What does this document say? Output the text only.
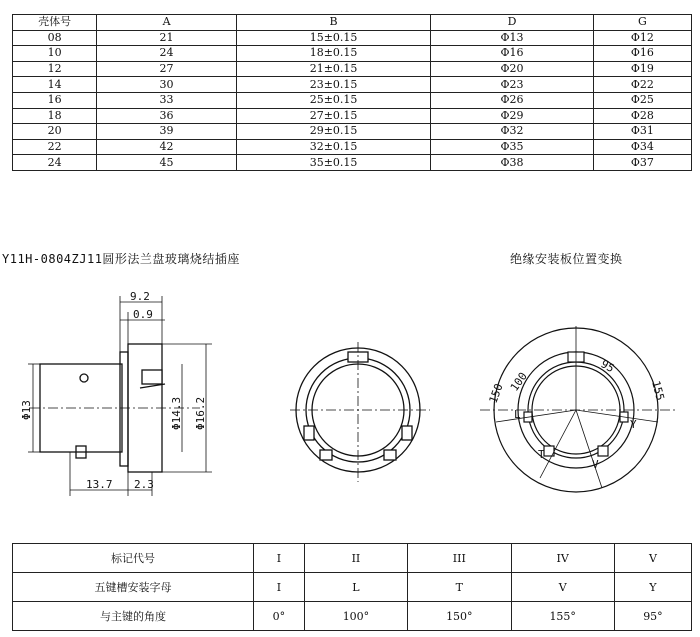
壳体号	A	B	D	G
08	21	15±0.15	Φ13	Φ12
10	24	18±0.15	Φ16	Φ16
12	27	21±0.15	Φ20	Φ19
14	30	23±0.15	Φ23	Φ22
16	33	25±0.15	Φ26	Φ25
18	36	27±0.15	Φ29	Φ28
20	39	29±0.15	Φ32	Φ31
22	42	32±0.15	Φ35	Φ34
24	45	35±0.15	Φ38	Φ37
Y11H-0804ZJ11圆形法兰盘玻璃烧结插座	绝缘安装板位置变换
9.2
0.9
Φ13	Φ14.3 Φ16.2
13.7 2.3
150 100
95
155
L
T
V
Y
标记代号	I	II	III	IV	V
五键槽安装字母	I	L	T	V	Y
与主键的角度	0°	100°	150°	155°	95°
